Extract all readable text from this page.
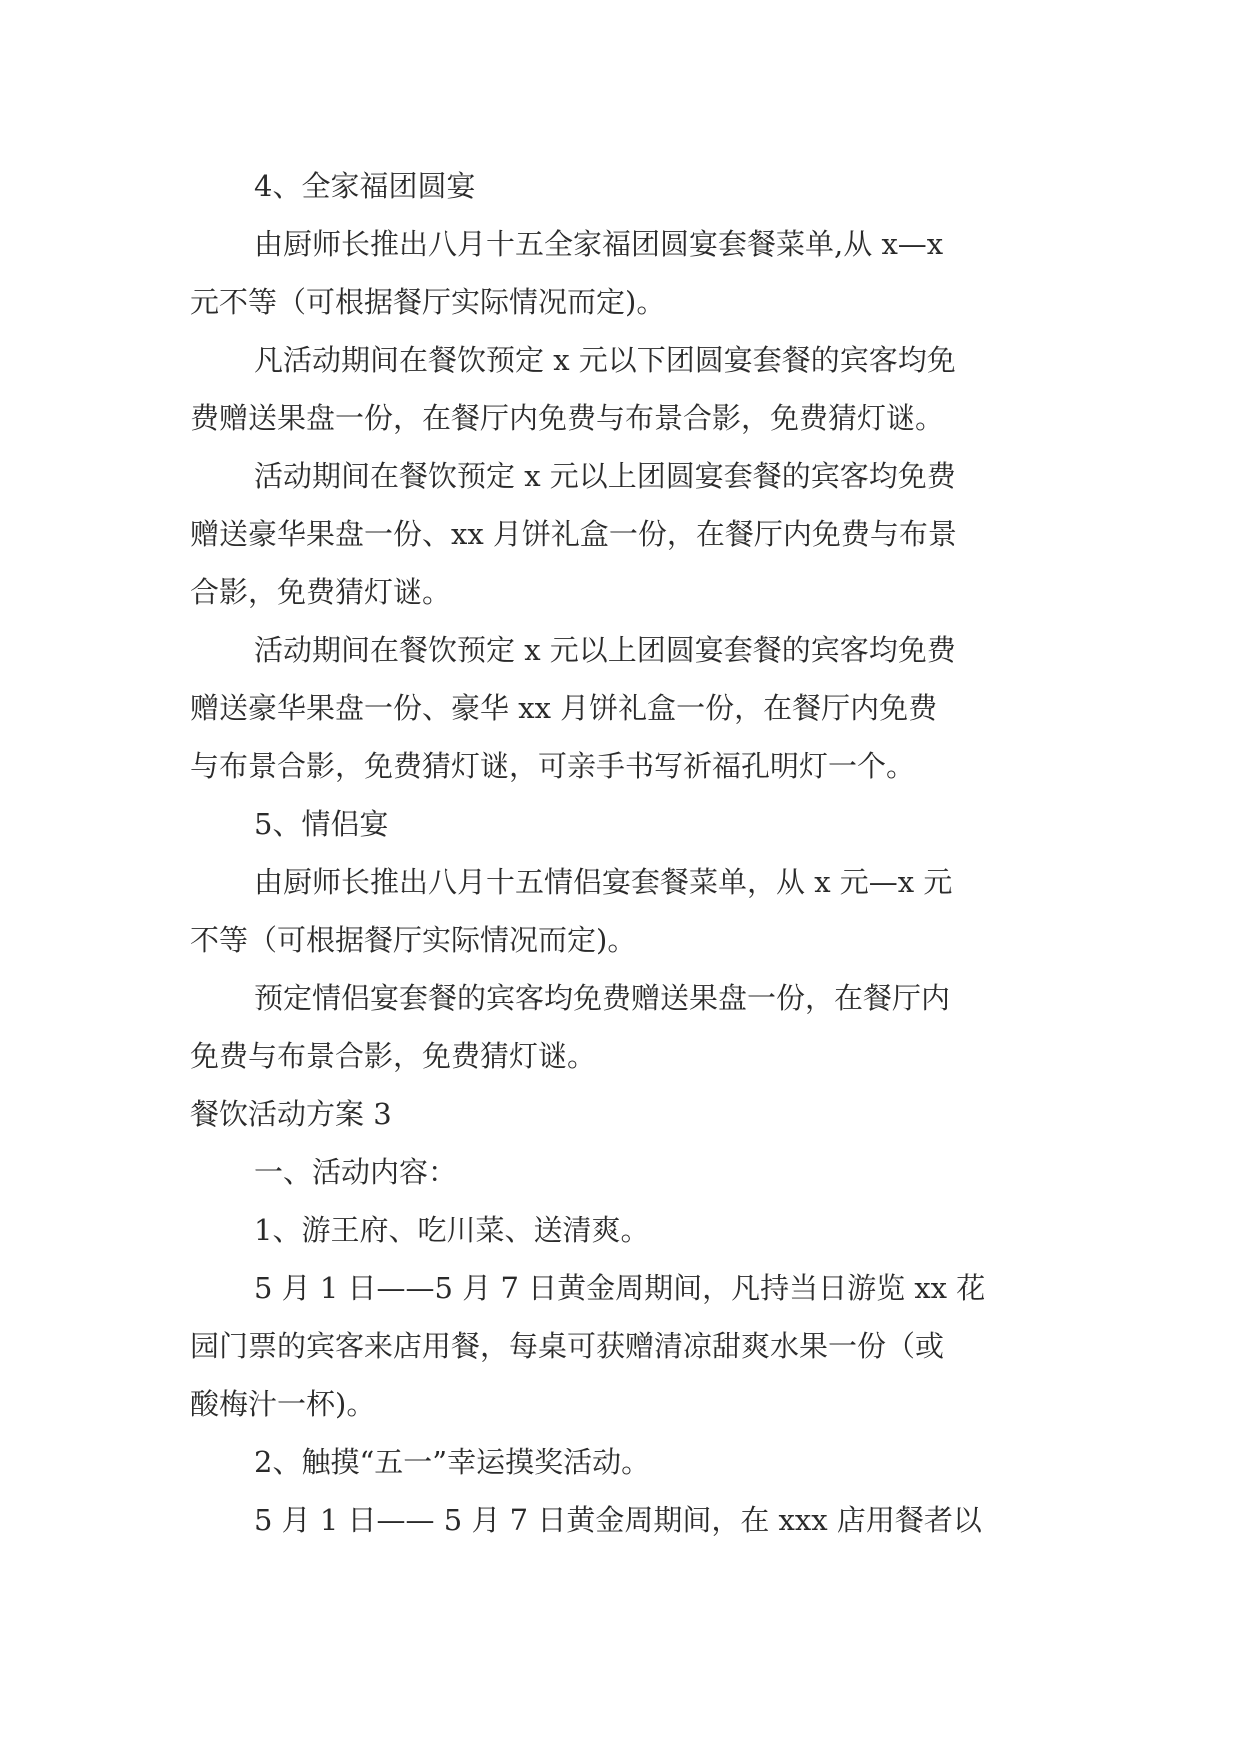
4、全家福团圆宴

由厨师长推出八月十五全家福团圆宴套餐菜单,从 x—x

元不等（可根据餐厅实际情况而定)。

凡活动期间在餐饮预定 x 元以下团圆宴套餐的宾客均免

费赠送果盘一份，在餐厅内免费与布景合影，免费猜灯谜。

活动期间在餐饮预定 x 元以上团圆宴套餐的宾客均免费

赠送豪华果盘一份、xx 月饼礼盒一份，在餐厅内免费与布景

合影，免费猜灯谜。

活动期间在餐饮预定 x 元以上团圆宴套餐的宾客均免费

赠送豪华果盘一份、豪华 xx 月饼礼盒一份，在餐厅内免费

与布景合影，免费猜灯谜，可亲手书写祈福孔明灯一个。

5、情侣宴

由厨师长推出八月十五情侣宴套餐菜单，从 x 元—x 元

不等（可根据餐厅实际情况而定)。

预定情侣宴套餐的宾客均免费赠送果盘一份，在餐厅内

免费与布景合影，免费猜灯谜。

餐饮活动方案 3

一、活动内容：

1、游王府、吃川菜、送清爽。

5 月 1 日——5 月 7 日黄金周期间，凡持当日游览 xx 花

园门票的宾客来店用餐，每桌可获赠清凉甜爽水果一份（或

酸梅汁一杯)。

2、触摸“五一”幸运摸奖活动。

5 月 1 日—— 5 月 7 日黄金周期间，在 xxx 店用餐者以
